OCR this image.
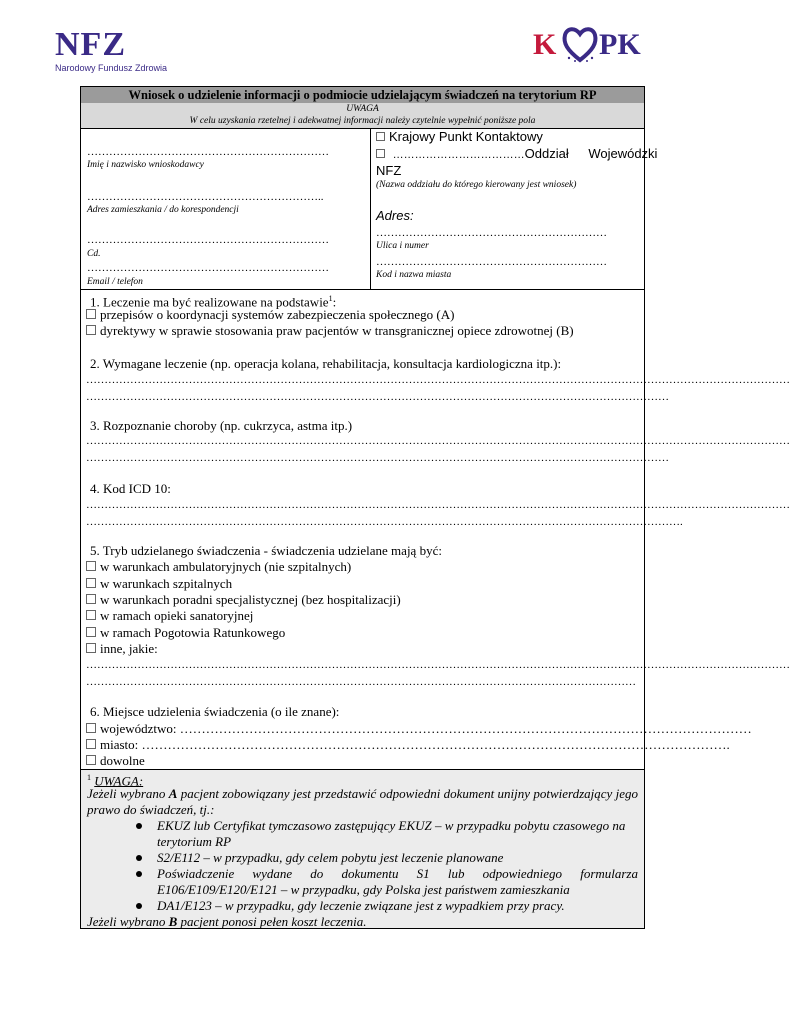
NFZ
Narodowy Fundusz Zdrowia
K PK
Wniosek o udzielenie informacji o podmiocie udzielającym świadczeń na terytorium RP
UWAGA
W celu uzyskania rzetelnej i adekwatnej informacji należy czytelnie wypełnić poniższe pola
…………………………………………………………
Imię i nazwisko wnioskodawcy
………………………………………………………..
Adres zamieszkania / do korespondencji
…………………………………………………………
Cd.
…………………………………………………………
Email / telefon
Krajowy Punkt Kontaktowy
………………………………Oddział Wojewódzki
NFZ
(Nazwa oddziału do którego kierowany jest wniosek)
Adres:
………………………………………………………
Ulica i numer
………………………………………………………
Kod i nazwa miasta
1. Leczenie ma być realizowane na podstawie$^1$:
przepisów o koordynacji systemów zabezpieczenia społecznego (A)
dyrektywy w sprawie stosowania praw pacjentów w transgranicznej opiece zdrowotnej (B)
2. Wymagane leczenie (np. operacja kolana, rehabilitacja, konsultacja kardiologiczna itp.):
…………………………………………………………………………………………………………………………………………………………………………
……………………………………………………………………………………………………………………………………………
3. Rozpoznanie choroby (np. cukrzyca, astma itp.)
…………………………………………………………………………………………………………………………………………………………………………
……………………………………………………………………………………………………………………………………………
4. Kod ICD 10:
…………………………………………………………………………………………………………………………………………………………………………
……………………………………………………………………………………………………………………………………………….
5. Tryb udzielanego świadczenia - świadczenia udzielane mają być:
w warunkach ambulatoryjnych (nie szpitalnych)
w warunkach szpitalnych
w warunkach poradni specjalistycznej (bez hospitalizacji)
w ramach opieki sanatoryjnej
w ramach Pogotowia Ratunkowego
inne, jakie:
…………………………………………………………………………………………………………………………………………………………………………
……………………………………………………………………………………………………………………………………
6. Miejsce udzielenia świadczenia (o ile znane):
województwo: ……………………………………………………………………………………………………………………
miasto: ……………………………………………………………………………………………………………………….
dowolne
$^1$ UWAGA:
Jeżeli wybrano A pacjent zobowiązany jest przedstawić odpowiedni dokument unijny potwierdzający jego prawo do świadczeń, tj.:
EKUZ lub Certyfikat tymczasowo zastępujący EKUZ – w przypadku pobytu czasowego na terytorium RP
S2/E112 – w przypadku, gdy celem pobytu jest leczenie planowane
Poświadczenie wydane do dokumentu S1 lub odpowiedniego formularza E106/E109/E120/E121 – w przypadku, gdy Polska jest państwem zamieszkania
DA1/E123 – w przypadku, gdy leczenie związane jest z wypadkiem przy pracy.
Jeżeli wybrano B pacjent ponosi pełen koszt leczenia.
